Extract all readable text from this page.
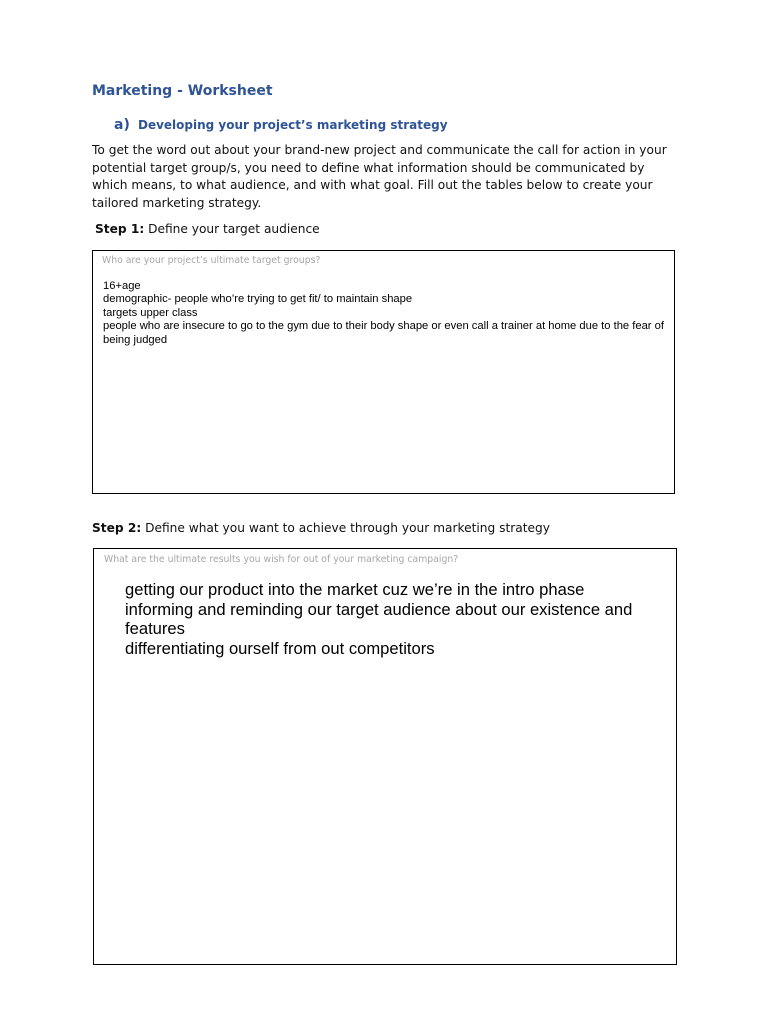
Marketing - Worksheet
a) Developing your project’s marketing strategy

To get the word out about your brand-new project and communicate the call for action in your potential target group/s, you need to define what information should be communicated by which means, to what audience, and with what goal. Fill out the tables below to create your tailored marketing strategy.

Step 1: Define your target audience
Who are your project’s ultimate target groups?
16+age
demographic- people who’re trying to get fit/ to maintain shape
targets upper class
people who are insecure to go to the gym due to their body shape or even call a trainer at home due to the fear of being judged
Step 2: Define what you want to achieve through your marketing strategy
What are the ultimate results you wish for out of your marketing campaign?
getting our product into the market cuz we’re in the intro phase
informing and reminding our target audience about our existence and features
differentiating ourself from out competitors
